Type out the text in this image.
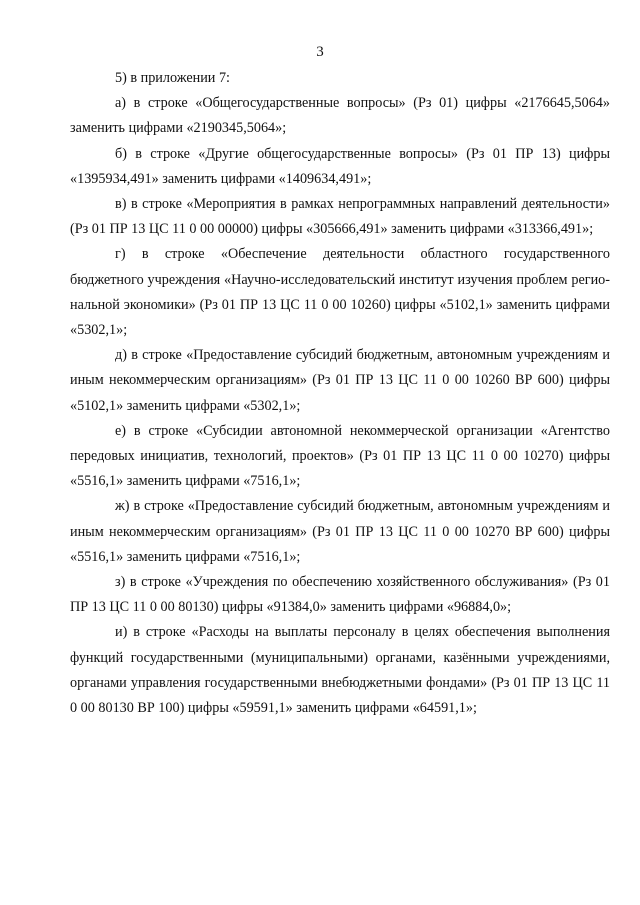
3

5) в приложении 7:

а) в строке «Общегосударственные вопросы» (Рз 01) цифры «2176645,5064» заменить цифрами «2190345,5064»;

б) в строке «Другие общегосударственные вопросы» (Рз 01 ПР 13) цифры «1395934,491» заменить цифрами «1409634,491»;

в) в строке «Мероприятия в рамках непрограммных направлений деятельности» (Рз 01 ПР 13 ЦС 11 0 00 00000) цифры «305666,491» заменить цифрами «313366,491»;

г) в строке «Обеспечение деятельности областного государственного бюджетного учреждения «Научно-исследовательский институт изучения проблем региональной экономики» (Рз 01 ПР 13 ЦС 11 0 00 10260) цифры «5102,1» заменить цифрами «5302,1»;

д) в строке «Предоставление субсидий бюджетным, автономным учреждениям и иным некоммерческим организациям» (Рз 01 ПР 13 ЦС 11 0 00 10260 ВР 600) цифры «5102,1» заменить цифрами «5302,1»;

е) в строке «Субсидии автономной некоммерческой организации «Агентство передовых инициатив, технологий, проектов» (Рз 01 ПР 13 ЦС 11 0 00 10270) цифры «5516,1» заменить цифрами «7516,1»;

ж) в строке «Предоставление субсидий бюджетным, автономным учреждениям и иным некоммерческим организациям» (Рз 01 ПР 13 ЦС 11 0 00 10270 ВР 600) цифры «5516,1» заменить цифрами «7516,1»;

з) в строке «Учреждения по обеспечению хозяйственного обслуживания» (Рз 01 ПР 13 ЦС 11 0 00 80130) цифры «91384,0» заменить цифрами «96884,0»;

и) в строке «Расходы на выплаты персоналу в целях обеспечения выполнения функций государственными (муниципальными) органами, казёнными учреждениями, органами управления государственными внебюджетными фондами» (Рз 01 ПР 13 ЦС 11 0 00 80130 ВР 100) цифры «59591,1» заменить цифрами «64591,1»;
